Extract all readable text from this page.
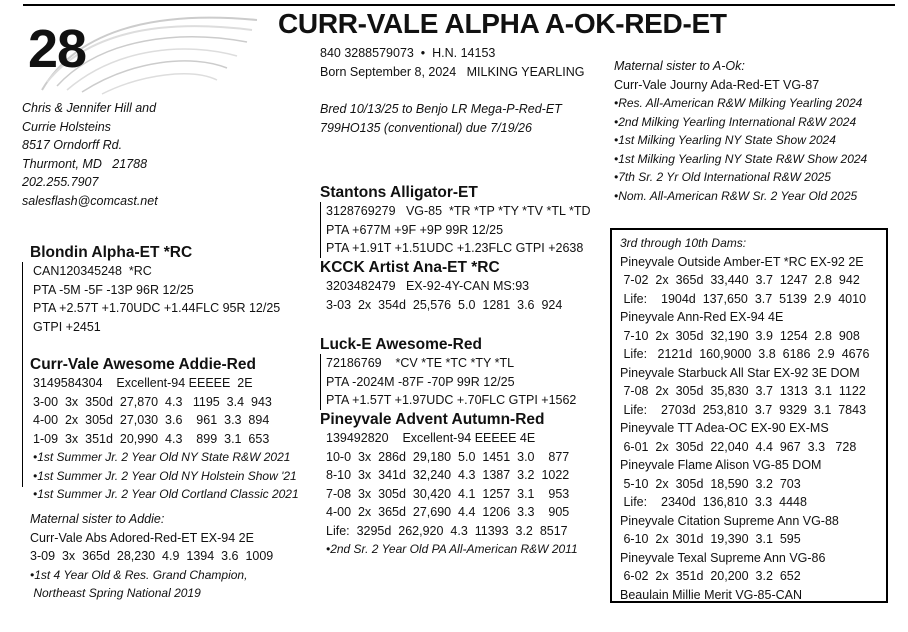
28	CURR-VALE ALPHA A-OK-RED-ET
840 3288579073  •  H.N. 14153
Born September 8, 2024   MILKING YEARLING
Bred 10/13/25 to Benjo LR Mega-P-Red-ET
799HO135 (conventional) due 7/19/26
Chris & Jennifer Hill and
Currie Holsteins
8517 Orndorff Rd.
Thurmont, MD   21788
202.255.7907
salesflash@comcast.net
Blondin Alpha-ET *RC
CAN120345248  *RC
PTA -5M -5F -13P 96R 12/25
PTA +2.57T +1.70UDC +1.44FLC 95R 12/25
GTPI +2451
Curr-Vale Awesome Addie-Red
3149584304    Excellent-94 EEEEE  2E
3-00  3x  350d  27,870  4.3   1195  3.4  943
4-00  2x  305d  27,030  3.6    961  3.3  894
1-09  3x  351d  20,990  4.3    899  3.1  653
•1st Summer Jr. 2 Year Old NY State R&W 2021
•1st Summer Jr. 2 Year Old NY Holstein Show '21
•1st Summer Jr. 2 Year Old Cortland Classic 2021
Maternal sister to Addie:
Curr-Vale Abs Adored-Red-ET EX-94 2E
3-09  3x  365d  28,230  4.9  1394  3.6  1009
•1st 4 Year Old & Res. Grand Champion,
Northeast Spring National 2019
Stantons Alligator-ET
3128769279   VG-85  *TR *TP *TY *TV *TL *TD
PTA +677M +9F +9P 99R 12/25
PTA +1.91T +1.51UDC +1.23FLC GTPI +2638
KCCK Artist Ana-ET *RC
3203482479   EX-92-4Y-CAN MS:93
3-03  2x  354d  25,576  5.0  1281  3.6  924
Luck-E Awesome-Red
72186769    *CV *TE *TC *TY *TL
PTA -2024M -87F -70P 99R 12/25
PTA +1.57T +1.97UDC +.70FLC GTPI +1562
Pineyvale Advent Autumn-Red
139492820    Excellent-94 EEEEE 4E
10-0  3x  286d  29,180  5.0  1451  3.0    877
8-10  3x  341d  32,240  4.3  1387  3.2  1022
7-08  3x  305d  30,420  4.1  1257  3.1    953
4-00  2x  365d  27,690  4.4  1206  3.3    905
Life:  3295d  262,920  4.3  11393  3.2  8517
•2nd Sr. 2 Year Old PA All-American R&W 2011
Maternal sister to A-Ok:
Curr-Vale Journy Ada-Red-ET VG-87
•Res. All-American R&W Milking Yearling 2024
•2nd Milking Yearling International R&W 2024
•1st Milking Yearling NY State Show 2024
•1st Milking Yearling NY State R&W Show 2024
•7th Sr. 2 Yr Old International R&W 2025
•Nom. All-American R&W Sr. 2 Year Old 2025
3rd through 10th Dams:
Pineyvale Outside Amber-ET *RC EX-92 2E
7-02  2x  365d  33,440  3.7  1247  2.8  942
Life:    1904d  137,650  3.7  5139  2.9  4010
Pineyvale Ann-Red EX-94 4E
7-10  2x  305d  32,190  3.9  1254  2.8  908
Life:   2121d  160,9000  3.8  6186  2.9  4676
Pineyvale Starbuck All Star EX-92 3E DOM
7-08  2x  305d  35,830  3.7  1313  3.1  1122
Life:    2703d  253,810  3.7  9329  3.1  7843
Pineyvale TT Adea-OC EX-90 EX-MS
6-01  2x  305d  22,040  4.4  967  3.3   728
Pineyvale Flame Alison VG-85 DOM
5-10  2x  305d  18,590  3.2  703
Life:    2340d  136,810  3.3  4448
Pineyvale Citation Supreme Ann VG-88
6-10  2x  301d  19,390  3.1  595
Pineyvale Texal Supreme Ann VG-86
6-02  2x  351d  20,200  3.2  652
Beaulain Millie Merit VG-85-CAN
